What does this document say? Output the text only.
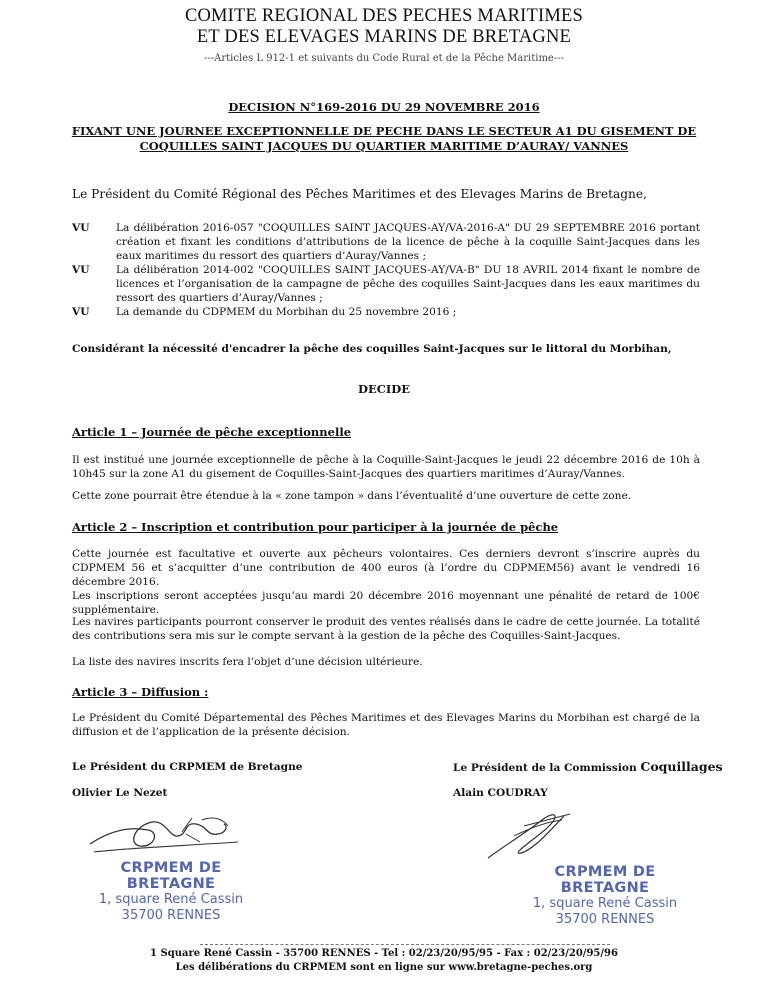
COMITE REGIONAL DES PECHES MARITIMES
ET DES ELEVAGES MARINS DE BRETAGNE
---Articles L 912-1 et suivants du Code Rural et de la Pêche Maritime---
DECISION N°169-2016 DU 29 NOVEMBRE 2016
FIXANT UNE JOURNEE EXCEPTIONNELLE DE PECHE DANS LE SECTEUR A1 DU GISEMENT DE COQUILLES SAINT JACQUES DU QUARTIER MARITIME D’AURAY/ VANNES
Le Président du Comité Régional des Pêches Maritimes et des Elevages Marins de Bretagne,
VU	La délibération 2016-057 "COQUILLES SAINT JACQUES-AY/VA-2016-A" DU 29 SEPTEMBRE 2016 portant création et fixant les conditions d’attributions de la licence de pêche à la coquille Saint-Jacques dans les eaux maritimes du ressort des quartiers d’Auray/Vannes ;
VU	La délibération 2014-002 "COQUILLES SAINT JACQUES-AY/VA-B" DU 18 AVRIL 2014 fixant le nombre de licences et l’organisation de la campagne de pêche des coquilles Saint-Jacques dans les eaux maritimes du ressort des quartiers d’Auray/Vannes ;
VU	La demande du CDPMEM du Morbihan du 25 novembre 2016 ;
Considérant la nécessité d'encadrer la pêche des coquilles Saint-Jacques sur le littoral du Morbihan,
DECIDE
Article 1 – Journée de pêche exceptionnelle
Il est institué une journée exceptionnelle de pêche à la Coquille-Saint-Jacques le jeudi 22 décembre 2016 de 10h à 10h45 sur la zone A1 du gisement de Coquilles-Saint-Jacques des quartiers maritimes d’Auray/Vannes.
Cette zone pourrait être étendue à la « zone tampon » dans l’éventualité d’une ouverture de cette zone.
Article 2 – Inscription et contribution pour participer à la journée de pêche

Cette journée est facultative et ouverte aux pêcheurs volontaires. Ces derniers devront s’inscrire auprès du CDPMEM 56 et s’acquitter d’une contribution de 400 euros (à l’ordre du CDPMEM56) avant le vendredi 16 décembre 2016.

Les inscriptions seront acceptées jusqu’au mardi 20 décembre 2016 moyennant une pénalité de retard de 100€ supplémentaire.

Les navires participants pourront conserver le produit des ventes réalisés dans le cadre de cette journée. La totalité des contributions sera mis sur le compte servant à la gestion de la pêche des Coquilles-Saint-Jacques.
La liste des navires inscrits fera l’objet d’une décision ultérieure.
Article 3 – Diffusion :
Le Président du Comité Départemental des Pêches Maritimes et des Elevages Marins du Morbihan est chargé de la diffusion et de l’application de la présente décision.
Le Président du CRPMEM de Bretagne	Le Président de la Commission Coquillages
Olivier Le Nezet	Alain COUDRAY
CRPMEM DE BRETAGNE
1, square René Cassin
35700 RENNES
CRPMEM DE BRETAGNE
1, square René Cassin
35700 RENNES
1 Square René Cassin - 35700 RENNES - Tel : 02/23/20/95/95 - Fax : 02/23/20/95/96
Les délibérations du CRPMEM sont en ligne sur www.bretagne-peches.org
